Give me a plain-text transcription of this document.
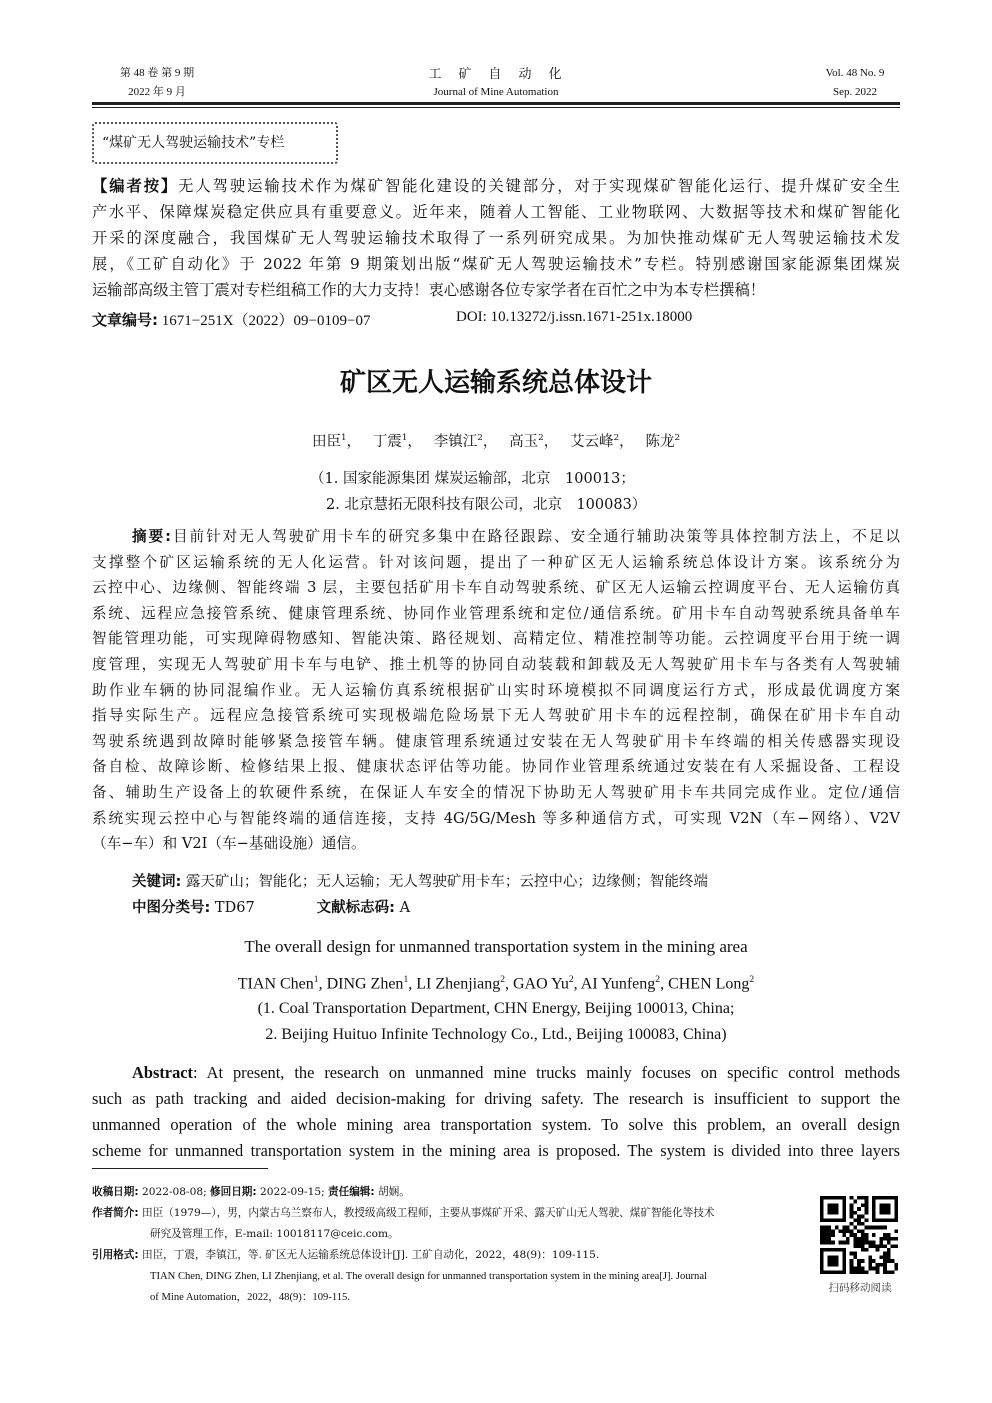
第 48 卷 第 9 期
2022 年 9 月
工　矿　自　动　化
Journal of Mine Automation
Vol. 48 No. 9
Sep. 2022
“煤矿无人驾驶运输技术”专栏
【编者按】无人驾驶运输技术作为煤矿智能化建设的关键部分，对于实现煤矿智能化运行、提升煤矿安全生
产水平、保障煤炭稳定供应具有重要意义。近年来，随着人工智能、工业物联网、大数据等技术和煤矿智能化
开采的深度融合，我国煤矿无人驾驶运输技术取得了一系列研究成果。为加快推动煤矿无人驾驶运输技术发
展，《工矿自动化》于 2022 年第 9 期策划出版“煤矿无人驾驶运输技术”专栏。特别感谢国家能源集团煤炭
运输部高级主管丁震对专栏组稿工作的大力支持！衷心感谢各位专家学者在百忙之中为本专栏撰稿！
文章编号: 1671−251X（2022）09−0109−07	DOI: 10.13272/j.issn.1671-251x.18000
矿区无人运输系统总体设计
田臣$^1$，　 丁震$^1$，　 李镇江$^2$，　 高玉$^2$，　 艾云峰$^2$，　 陈龙$^2$
（1. 国家能源集团 煤炭运输部，北京　100013；
2. 北京慧拓无限科技有限公司，北京　100083）
摘要:目前针对无人驾驶矿用卡车的研究多集中在路径跟踪、安全通行辅助决策等具体控制方法上，不足以
支撑整个矿区运输系统的无人化运营。针对该问题，提出了一种矿区无人运输系统总体设计方案。该系统分为
云控中心、边缘侧、智能终端 3 层，主要包括矿用卡车自动驾驶系统、矿区无人运输云控调度平台、无人运输仿真
系统、远程应急接管系统、健康管理系统、协同作业管理系统和定位/通信系统。矿用卡车自动驾驶系统具备单车
智能管理功能，可实现障碍物感知、智能决策、路径规划、高精定位、精准控制等功能。云控调度平台用于统一调
度管理，实现无人驾驶矿用卡车与电铲、推土机等的协同自动装载和卸载及无人驾驶矿用卡车与各类有人驾驶辅
助作业车辆的协同混编作业。无人运输仿真系统根据矿山实时环境模拟不同调度运行方式，形成最优调度方案
指导实际生产。远程应急接管系统可实现极端危险场景下无人驾驶矿用卡车的远程控制，确保在矿用卡车自动
驾驶系统遇到故障时能够紧急接管车辆。健康管理系统通过安装在无人驾驶矿用卡车终端的相关传感器实现设
备自检、故障诊断、检修结果上报、健康状态评估等功能。协同作业管理系统通过安装在有人采掘设备、工程设
备、辅助生产设备上的软硬件系统，在保证人车安全的情况下协助无人驾驶矿用卡车共同完成作业。定位/通信
系统实现云控中心与智能终端的通信连接，支持 4G/5G/Mesh 等多种通信方式，可实现 V2N（车−网络）、V2V
（车−车）和 V2I（车−基础设施）通信。
关键词: 露天矿山；智能化；无人运输；无人驾驶矿用卡车；云控中心；边缘侧；智能终端
中图分类号: TD67	文献标志码: A
The overall design for unmanned transportation system in the mining area
TIAN Chen$^1$, DING Zhen$^1$, LI Zhenjiang$^2$, GAO Yu$^2$, AI Yunfeng$^2$, CHEN Long$^2$
(1. Coal Transportation Department, CHN Energy, Beijing 100013, China;
2. Beijing Huituo Infinite Technology Co., Ltd., Beijing 100083, China)
Abstract: At present, the research on unmanned mine trucks mainly focuses on specific control methods
such as path tracking and aided decision-making for driving safety. The research is insufficient to support the
unmanned operation of the whole mining area transportation system. To solve this problem, an overall design
scheme for unmanned transportation system in the mining area is proposed. The system is divided into three layers
收稿日期: 2022-08-08; 修回日期: 2022-09-15; 责任编辑: 胡娴。
作者简介: 田臣（1979—），男，内蒙古乌兰察布人，教授级高级工程师，主要从事煤矿开采、露天矿山无人驾驶、煤矿智能化等技术
研究及管理工作，E-mail: 10018117@ceic.com。
引用格式: 田臣，丁震，李镇江，等. 矿区无人运输系统总体设计[J]. 工矿自动化，2022，48(9)：109-115.
TIAN Chen, DING Zhen, LI Zhenjiang, et al. The overall design for unmanned transportation system in the mining area[J]. Journal
of Mine Automation，2022，48(9)：109-115.
扫码移动阅读
